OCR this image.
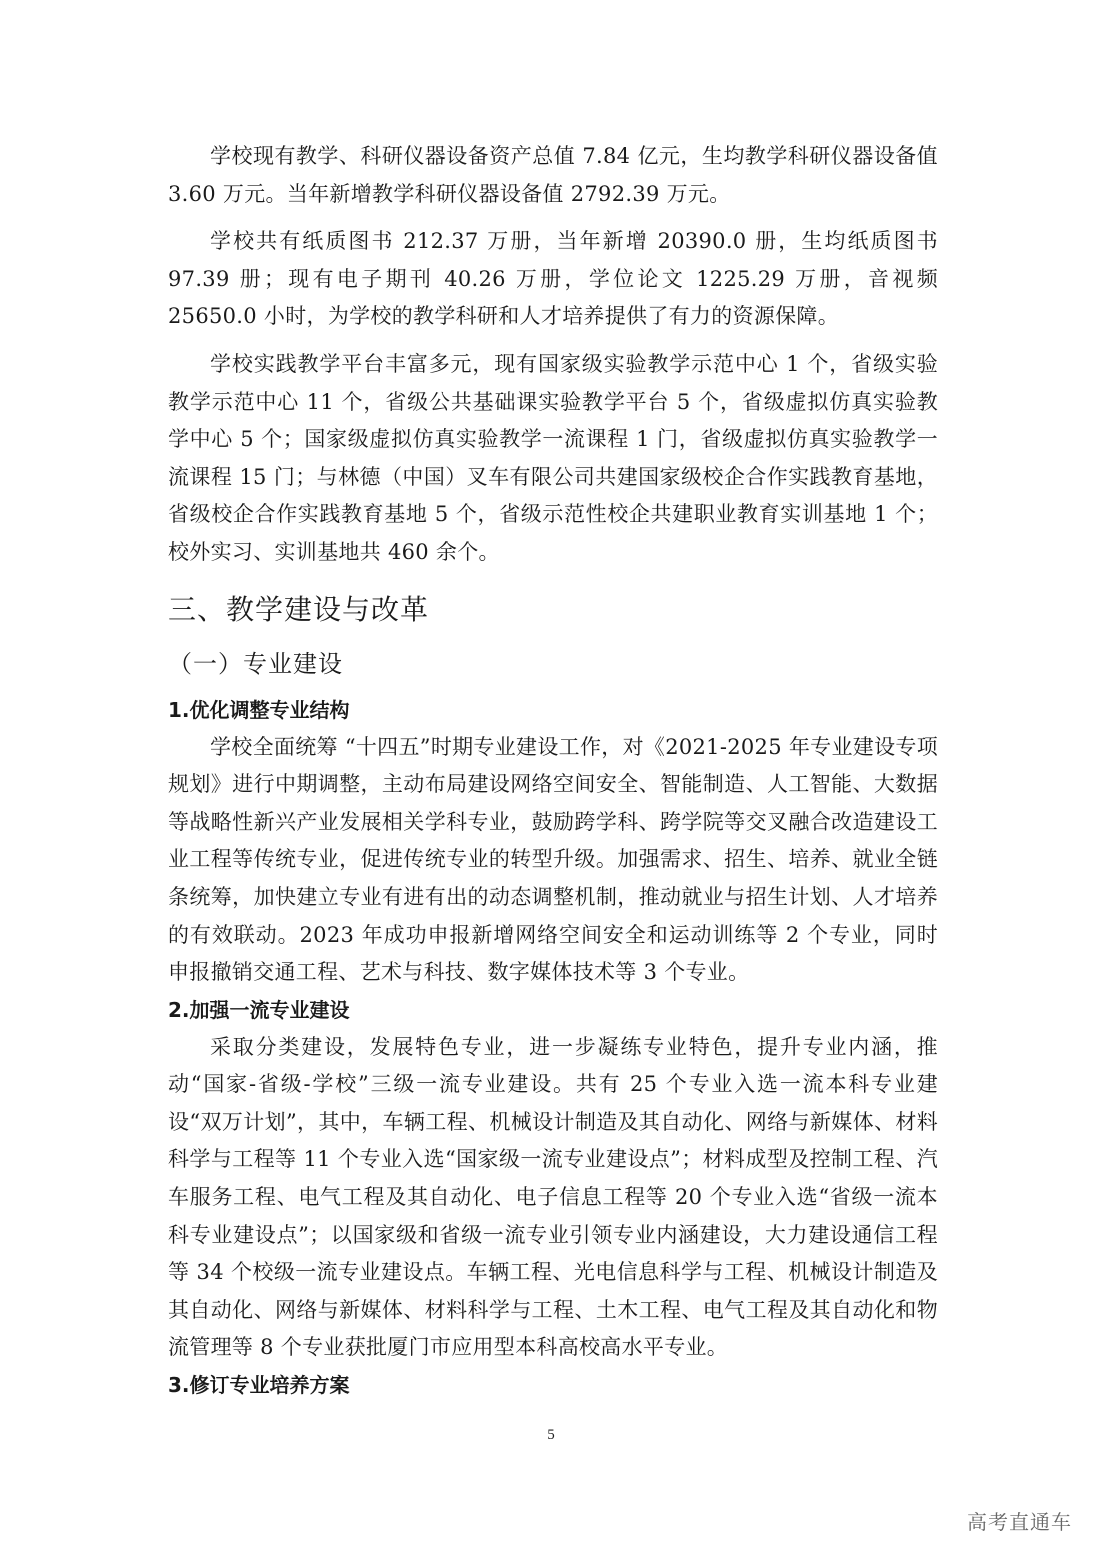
学校现有教学、科研仪器设备资产总值 7.84 亿元，生均教学科研仪器设备值 3.60 万元。当年新增教学科研仪器设备值 2792.39 万元。

学校共有纸质图书 212.37 万册，当年新增 20390.0 册，生均纸质图书 97.39 册；现有电子期刊 40.26 万册，学位论文 1225.29 万册，音视频 25650.0 小时，为学校的教学科研和人才培养提供了有力的资源保障。

学校实践教学平台丰富多元，现有国家级实验教学示范中心 1 个，省级实验教学示范中心 11 个，省级公共基础课实验教学平台 5 个，省级虚拟仿真实验教学中心 5 个；国家级虚拟仿真实验教学一流课程 1 门，省级虚拟仿真实验教学一流课程 15 门；与林德（中国）叉车有限公司共建国家级校企合作实践教育基地，省级校企合作实践教育基地 5 个，省级示范性校企共建职业教育实训基地 1 个；校外实习、实训基地共 460 余个。

三、教学建设与改革
（一）专业建设
1.优化调整专业结构

学校全面统筹 “十四五”时期专业建设工作，对《2021-2025 年专业建设专项规划》进行中期调整，主动布局建设网络空间安全、智能制造、人工智能、大数据等战略性新兴产业发展相关学科专业，鼓励跨学科、跨学院等交叉融合改造建设工业工程等传统专业，促进传统专业的转型升级。加强需求、招生、培养、就业全链条统筹，加快建立专业有进有出的动态调整机制，推动就业与招生计划、人才培养的有效联动。2023 年成功申报新增网络空间安全和运动训练等 2 个专业，同时申报撤销交通工程、艺术与科技、数字媒体技术等 3 个专业。

2.加强一流专业建设

采取分类建设，发展特色专业，进一步凝练专业特色，提升专业内涵，推动“国家-省级-学校”三级一流专业建设。共有 25 个专业入选一流本科专业建设“双万计划”，其中，车辆工程、机械设计制造及其自动化、网络与新媒体、材料科学与工程等 11 个专业入选“国家级一流专业建设点”；材料成型及控制工程、汽车服务工程、电气工程及其自动化、电子信息工程等 20 个专业入选“省级一流本科专业建设点”；以国家级和省级一流专业引领专业内涵建设，大力建设通信工程等 34 个校级一流专业建设点。车辆工程、光电信息科学与工程、机械设计制造及其自动化、网络与新媒体、材料科学与工程、土木工程、电气工程及其自动化和物流管理等 8 个专业获批厦门市应用型本科高校高水平专业。

3.修订专业培养方案
5
高考直通车
